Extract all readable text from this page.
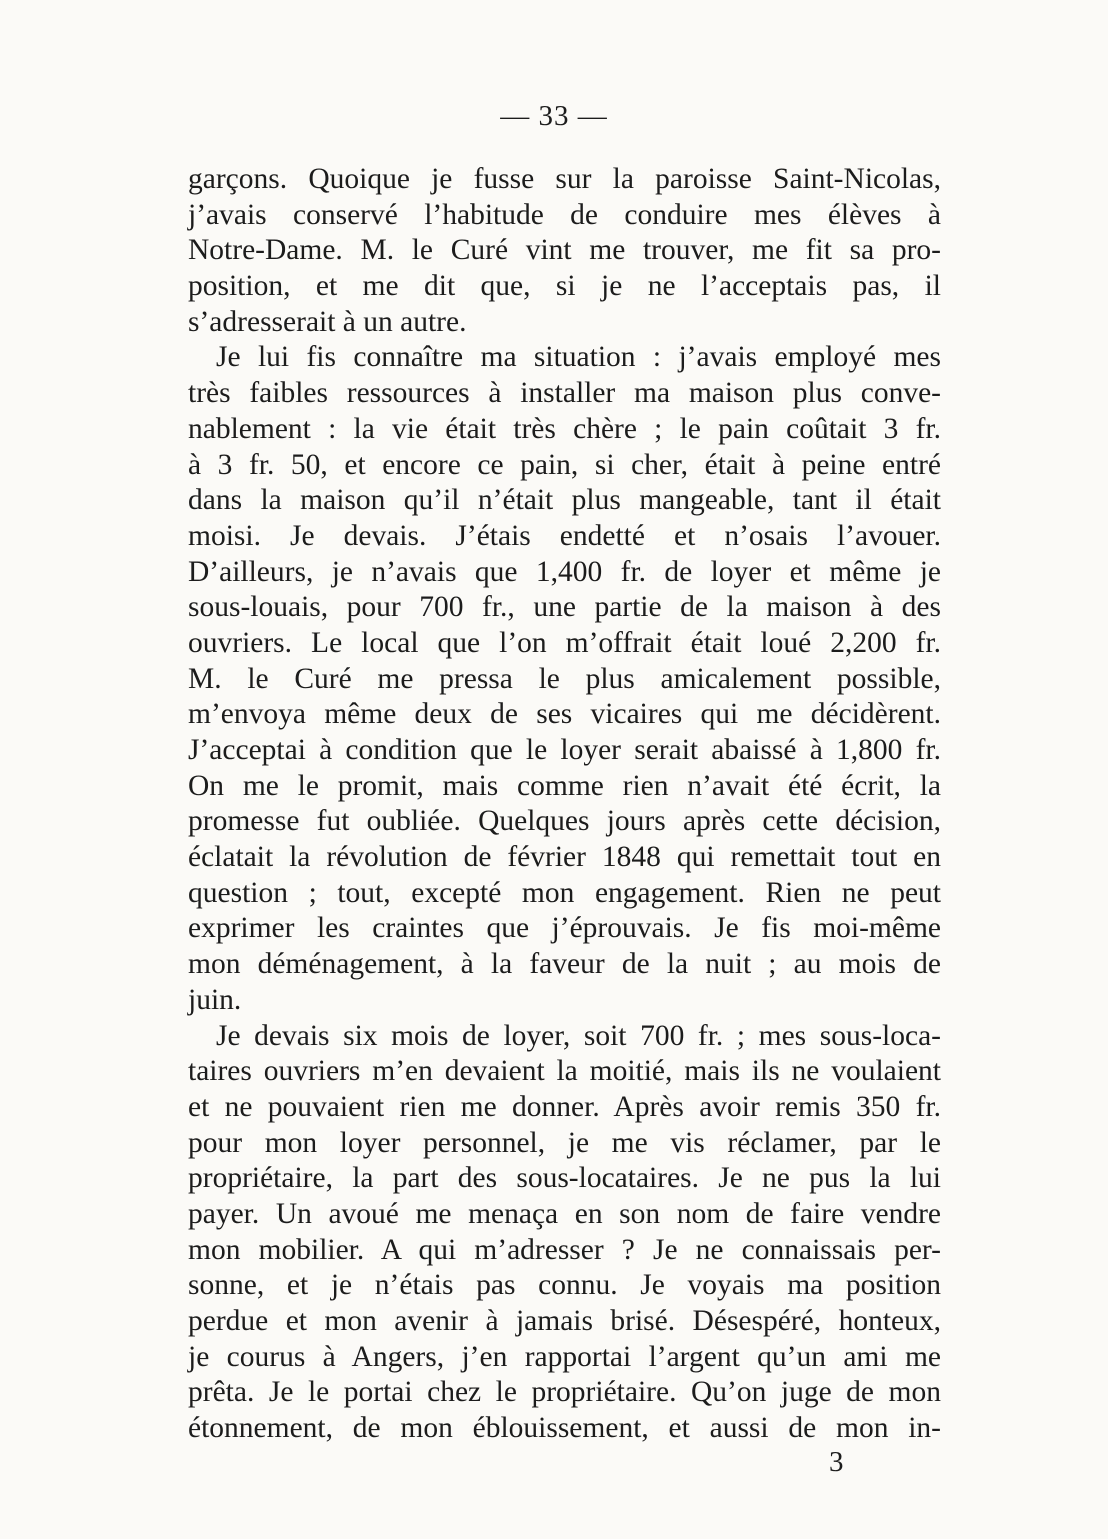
— 33 —
garçons. Quoique je fusse sur la paroisse Saint-Nicolas,
j’avais conservé l’habitude de conduire mes élèves à
Notre-Dame. M. le Curé vint me trouver, me fit sa pro-
position, et me dit que, si je ne l’acceptais pas, il
s’adresserait à un autre.
Je lui fis connaître ma situation : j’avais employé mes
très faibles ressources à installer ma maison plus conve-
nablement : la vie était très chère ; le pain coûtait 3 fr.
à 3 fr. 50, et encore ce pain, si cher, était à peine entré
dans la maison qu’il n’était plus mangeable, tant il était
moisi. Je devais. J’étais endetté et n’osais l’avouer.
D’ailleurs, je n’avais que 1,400 fr. de loyer et même je
sous-louais, pour 700 fr., une partie de la maison à des
ouvriers. Le local que l’on m’offrait était loué 2,200 fr.
M. le Curé me pressa le plus amicalement possible,
m’envoya même deux de ses vicaires qui me décidèrent.
J’acceptai à condition que le loyer serait abaissé à 1,800 fr.
On me le promit, mais comme rien n’avait été écrit, la
promesse fut oubliée. Quelques jours après cette décision,
éclatait la révolution de février 1848 qui remettait tout en
question ; tout, excepté mon engagement. Rien ne peut
exprimer les craintes que j’éprouvais. Je fis moi-même
mon déménagement, à la faveur de la nuit ; au mois de
juin.
Je devais six mois de loyer, soit 700 fr. ; mes sous-loca-
taires ouvriers m’en devaient la moitié, mais ils ne voulaient
et ne pouvaient rien me donner. Après avoir remis 350 fr.
pour mon loyer personnel, je me vis réclamer, par le
propriétaire, la part des sous-locataires. Je ne pus la lui
payer. Un avoué me menaça en son nom de faire vendre
mon mobilier. A qui m’adresser ? Je ne connaissais per-
sonne, et je n’étais pas connu. Je voyais ma position
perdue et mon avenir à jamais brisé. Désespéré, honteux,
je courus à Angers, j’en rapportai l’argent qu’un ami me
prêta. Je le portai chez le propriétaire. Qu’on juge de mon
étonnement, de mon éblouissement, et aussi de mon in-
3
